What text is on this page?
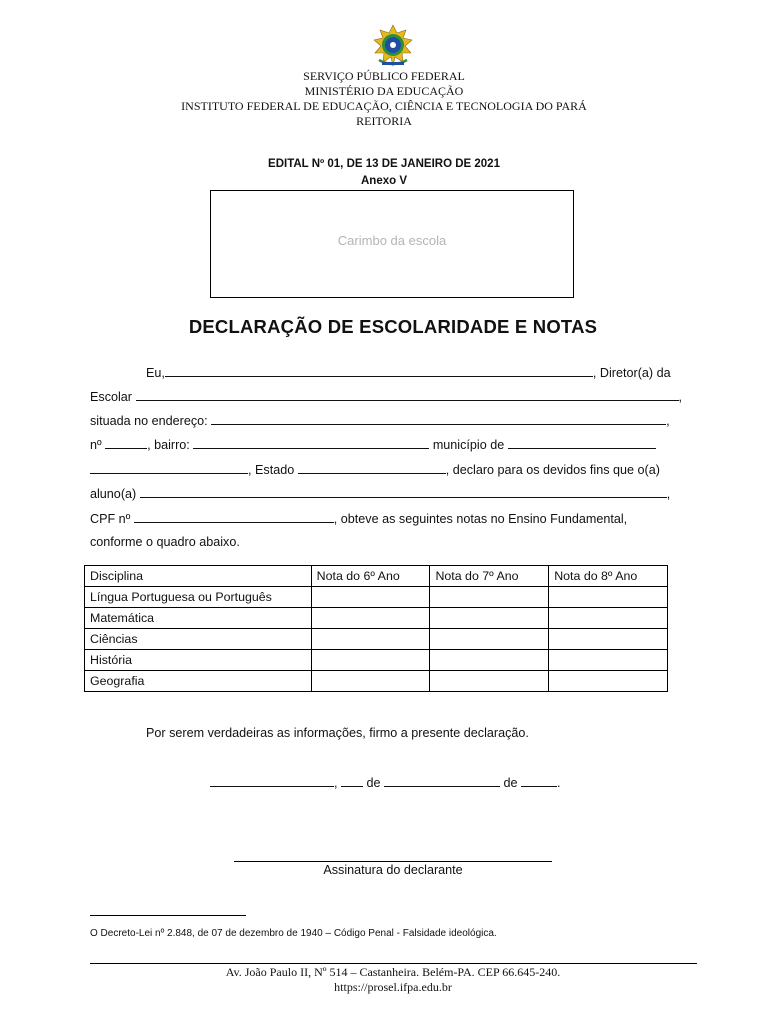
SERVIÇO PÚBLICO FEDERAL
MINISTÉRIO DA EDUCAÇÃO
INSTITUTO FEDERAL DE EDUCAÇÃO, CIÊNCIA E TECNOLOGIA DO PARÁ
REITORIA
EDITAL Nº 01, DE 13 DE JANEIRO DE 2021
Anexo V
Carimbo da escola
DECLARAÇÃO DE ESCOLARIDADE E NOTAS
Eu,	, Diretor(a) da
Escolar	,
situada no endereço:	,
nº	, bairro:	município de
, Estado	, declaro para os devidos fins que o(a)
aluno(a)	,
CPF nº	, obteve as seguintes notas no Ensino Fundamental,
conforme o quadro abaixo.
Disciplina	Nota do 6º Ano	Nota do 7º Ano	Nota do 8º Ano
Língua Portuguesa ou Português			
Matemática			
Ciências			
História			
Geografia			
Por serem verdadeiras as informações, firmo a presente declaração.
, de	de	.
Assinatura do declarante
O Decreto-Lei nº 2.848, de 07 de dezembro de 1940 – Código Penal - Falsidade ideológica.
Av. João Paulo II, Nº 514 – Castanheira. Belém-PA. CEP 66.645-240.
https://prosel.ifpa.edu.br
